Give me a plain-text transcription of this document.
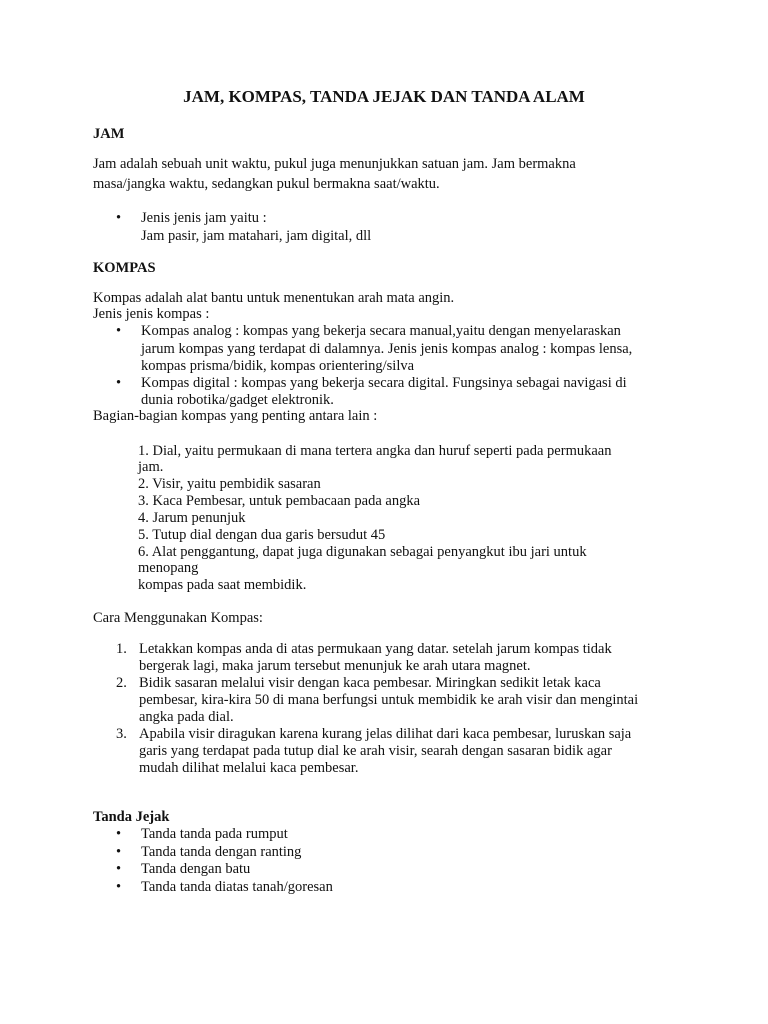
JAM, KOMPAS, TANDA JEJAK DAN TANDA ALAM
JAM
Jam adalah sebuah unit waktu, pukul juga menunjukkan satuan jam. Jam bermakna
masa/jangka waktu, sedangkan pukul bermakna saat/waktu.
• Jenis jenis jam yaitu :
Jam pasir, jam matahari, jam digital, dll
KOMPAS
Kompas adalah alat bantu untuk menentukan arah mata angin.
Jenis jenis kompas :
• Kompas analog : kompas yang bekerja secara manual,yaitu dengan menyelaraskan
jarum kompas yang terdapat di dalamnya. Jenis jenis kompas analog : kompas lensa,
kompas prisma/bidik, kompas orientering/silva
• Kompas digital : kompas yang bekerja secara digital. Fungsinya sebagai navigasi di
dunia robotika/gadget elektronik.
Bagian-bagian kompas yang penting antara lain :
1. Dial, yaitu permukaan di mana tertera angka dan huruf seperti pada permukaan
jam.
2. Visir, yaitu pembidik sasaran
3. Kaca Pembesar, untuk pembacaan pada angka
4. Jarum penunjuk
5. Tutup dial dengan dua garis bersudut 45
6. Alat penggantung, dapat juga digunakan sebagai penyangkut ibu jari untuk
menopang
kompas pada saat membidik.
Cara Menggunakan Kompas:
1. Letakkan kompas anda di atas permukaan yang datar. setelah jarum kompas tidak
bergerak lagi, maka jarum tersebut menunjuk ke arah utara magnet.
2. Bidik sasaran melalui visir dengan kaca pembesar. Miringkan sedikit letak kaca
pembesar, kira-kira 50 di mana berfungsi untuk membidik ke arah visir dan mengintai
angka pada dial.
3. Apabila visir diragukan karena kurang jelas dilihat dari kaca pembesar, luruskan saja
garis yang terdapat pada tutup dial ke arah visir, searah dengan sasaran bidik agar
mudah dilihat melalui kaca pembesar.
Tanda Jejak
• Tanda tanda pada rumput
• Tanda tanda dengan ranting
• Tanda dengan batu
• Tanda tanda diatas tanah/goresan
